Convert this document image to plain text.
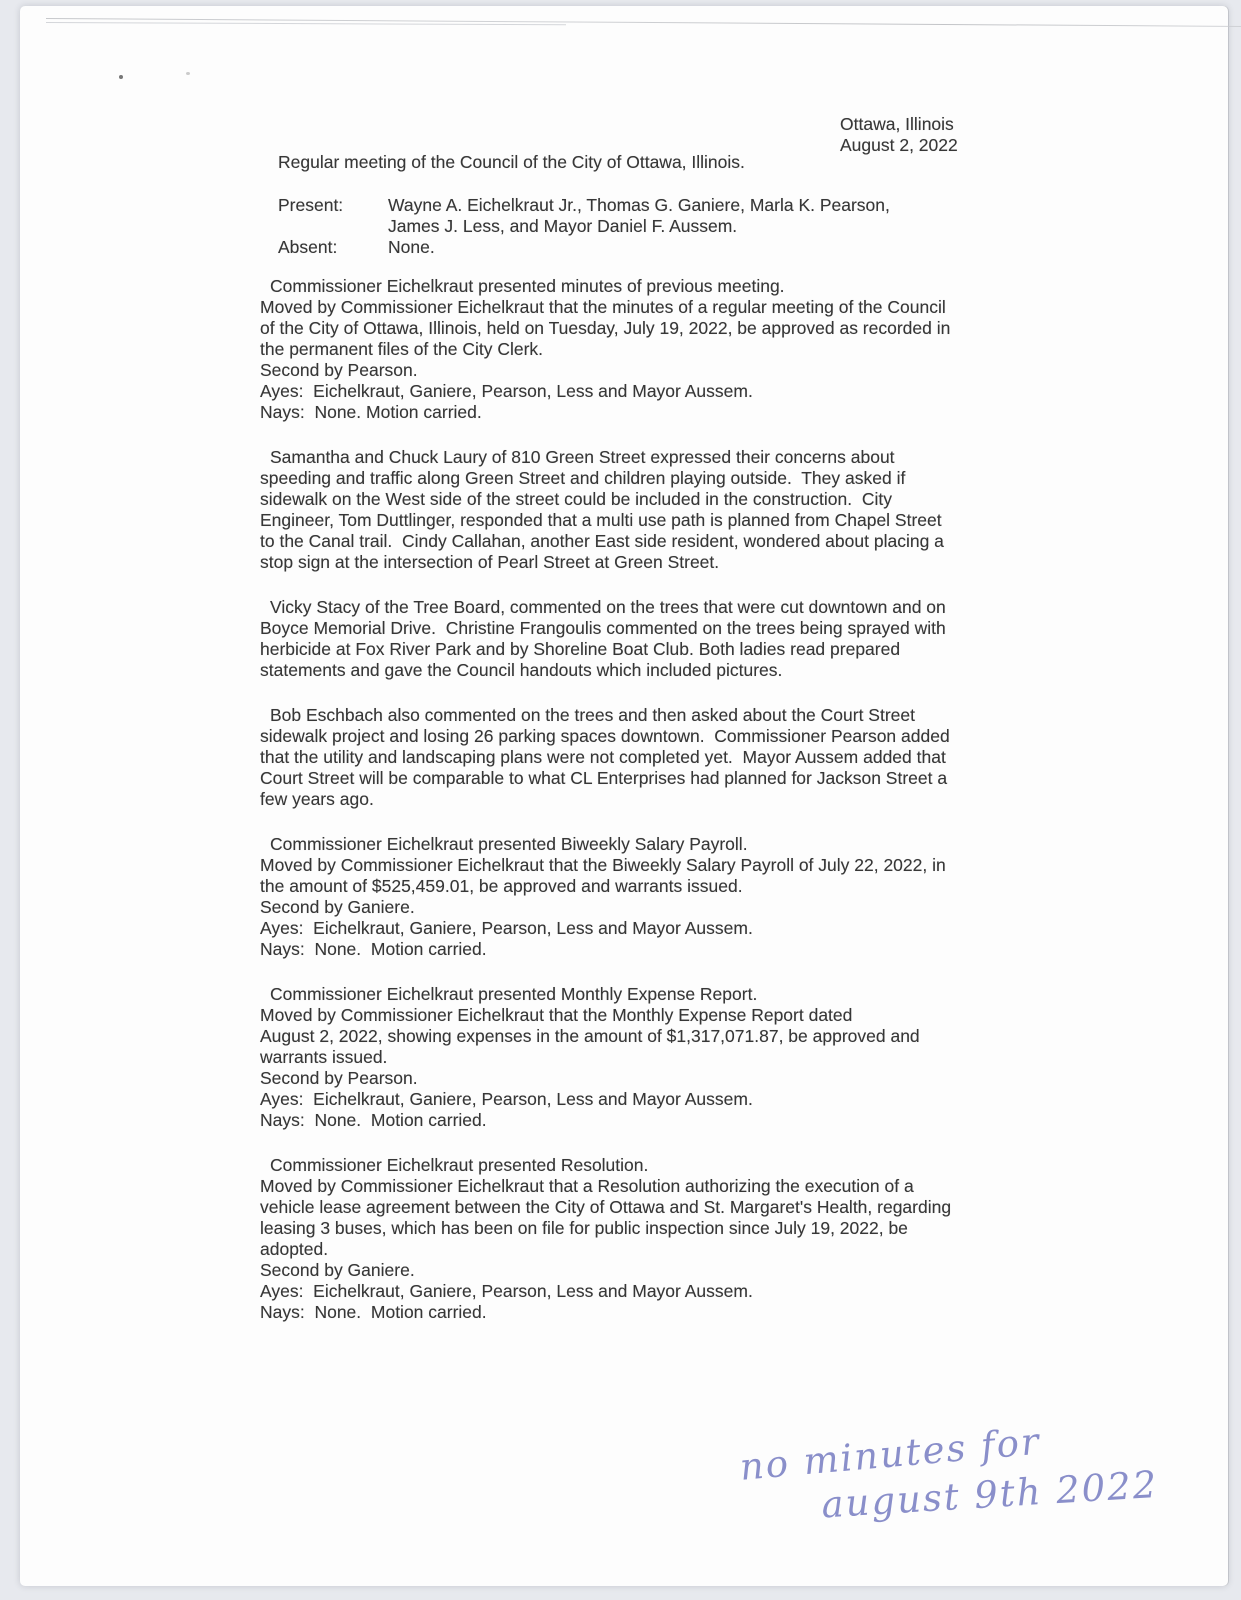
Ottawa, Illinois
August 2, 2022
Regular meeting of the Council of the City of Ottawa, Illinois.
Present:	Wayne A. Eichelkraut Jr., Thomas G. Ganiere, Marla K. Pearson,
James J. Less, and Mayor Daniel F. Aussem.
Absent:	None.
Commissioner Eichelkraut presented minutes of previous meeting.
Moved by Commissioner Eichelkraut that the minutes of a regular meeting of the Council
of the City of Ottawa, Illinois, held on Tuesday, July 19, 2022, be approved as recorded in
the permanent files of the City Clerk.
Second by Pearson.
Ayes:  Eichelkraut, Ganiere, Pearson, Less and Mayor Aussem.
Nays:  None. Motion carried.
Samantha and Chuck Laury of 810 Green Street expressed their concerns about
speeding and traffic along Green Street and children playing outside.  They asked if
sidewalk on the West side of the street could be included in the construction.  City
Engineer, Tom Duttlinger, responded that a multi use path is planned from Chapel Street
to the Canal trail.  Cindy Callahan, another East side resident, wondered about placing a
stop sign at the intersection of Pearl Street at Green Street.
Vicky Stacy of the Tree Board, commented on the trees that were cut downtown and on
Boyce Memorial Drive.  Christine Frangoulis commented on the trees being sprayed with
herbicide at Fox River Park and by Shoreline Boat Club. Both ladies read prepared
statements and gave the Council handouts which included pictures.
Bob Eschbach also commented on the trees and then asked about the Court Street
sidewalk project and losing 26 parking spaces downtown.  Commissioner Pearson added
that the utility and landscaping plans were not completed yet.  Mayor Aussem added that
Court Street will be comparable to what CL Enterprises had planned for Jackson Street a
few years ago.
Commissioner Eichelkraut presented Biweekly Salary Payroll.
Moved by Commissioner Eichelkraut that the Biweekly Salary Payroll of July 22, 2022, in
the amount of $525,459.01, be approved and warrants issued.
Second by Ganiere.
Ayes:  Eichelkraut, Ganiere, Pearson, Less and Mayor Aussem.
Nays:  None.  Motion carried.
Commissioner Eichelkraut presented Monthly Expense Report.
Moved by Commissioner Eichelkraut that the Monthly Expense Report dated
August 2, 2022, showing expenses in the amount of $1,317,071.87, be approved and
warrants issued.
Second by Pearson.
Ayes:  Eichelkraut, Ganiere, Pearson, Less and Mayor Aussem.
Nays:  None.  Motion carried.
Commissioner Eichelkraut presented Resolution.
Moved by Commissioner Eichelkraut that a Resolution authorizing the execution of a
vehicle lease agreement between the City of Ottawa and St. Margaret's Health, regarding
leasing 3 buses, which has been on file for public inspection since July 19, 2022, be
adopted.
Second by Ganiere.
Ayes:  Eichelkraut, Ganiere, Pearson, Less and Mayor Aussem.
Nays:  None.  Motion carried.
no minutes for
august 9th 2022
